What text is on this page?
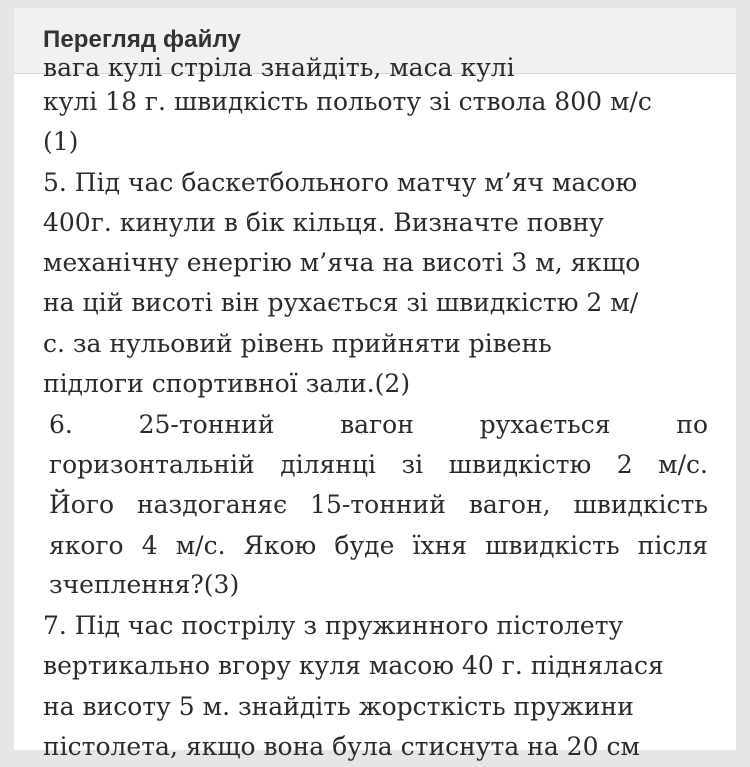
Перегляд файлу
вага кулі стріла знайдіть, маса кулі
кулі 18 г. швидкість польоту зі ствола 800 м/с
(1)
5. Під час баскетбольного матчу м’яч масою
400г. кинули в бік кільця. Визначте повну
механічну енергію м’яча на висоті 3 м, якщо
на цій висоті він рухається зі швидкістю 2 м/
с. за нульовий рівень прийняти рівень
підлоги спортивної зали.(2)
6. 25-тонний вагон рухається по
горизонтальній ділянці зі швидкістю 2 м/с.
Його наздоганяє 15-тонний вагон, швидкість
якого 4 м/с. Якою буде їхня швидкість після
зчеплення?(3)
7. Під час пострілу з пружинного пістолету
вертикально вгору куля масою 40 г. піднялася
на висоту 5 м. знайдіть жорсткість пружини
пістолета, якщо вона була стиснута на 20 см
